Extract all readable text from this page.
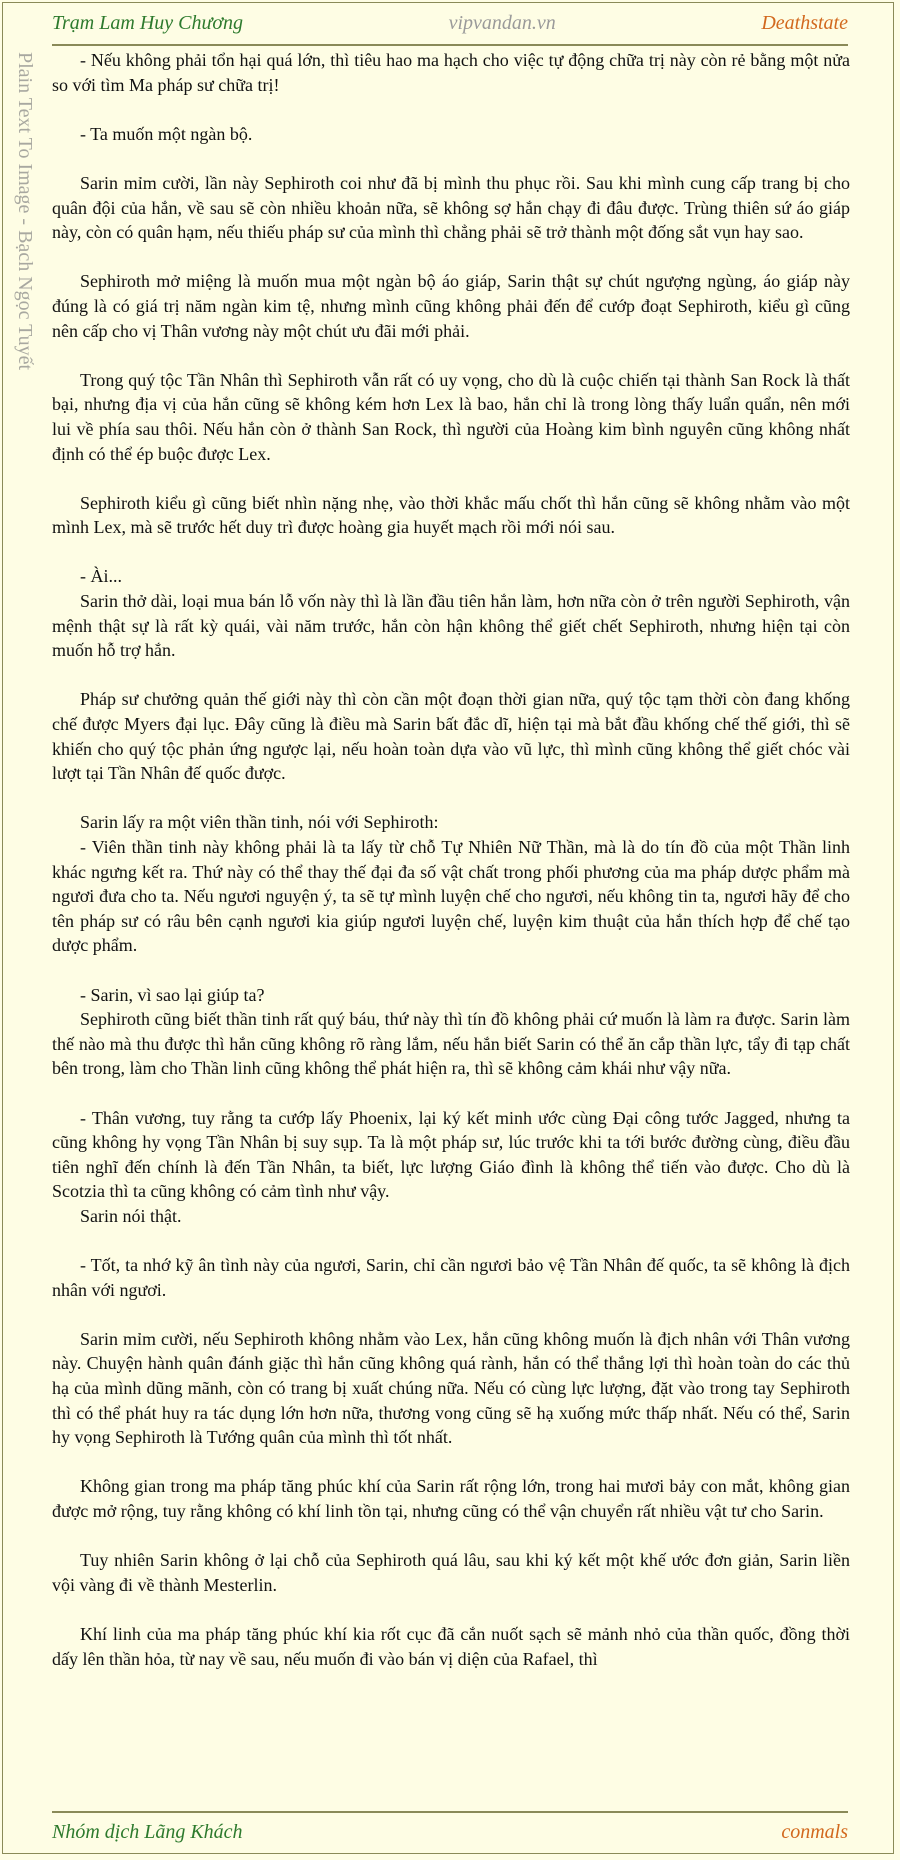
Trạm Lam Huy Chương	vipvandan.vn	Deathstate
Plain Text To Image - Bạch Ngọc Tuyết	- Nếu không phải tổn hại quá lớn, thì tiêu hao ma hạch cho việc tự động chữa trị này còn rẻ bằng một nửa so với tìm Ma pháp sư chữa trị!

- Ta muốn một ngàn bộ.

Sarin mỉm cười, lần này Sephiroth coi như đã bị mình thu phục rồi. Sau khi mình cung cấp trang bị cho quân đội của hắn, về sau sẽ còn nhiều khoản nữa, sẽ không sợ hắn chạy đi đâu được. Trùng thiên sứ áo giáp này, còn có quân hạm, nếu thiếu pháp sư của mình thì chẳng phải sẽ trở thành một đống sắt vụn hay sao.

Sephiroth mở miệng là muốn mua một ngàn bộ áo giáp, Sarin thật sự chút ngượng ngùng, áo giáp này đúng là có giá trị năm ngàn kim tệ, nhưng mình cũng không phải đến để cướp đoạt Sephiroth, kiểu gì cũng nên cấp cho vị Thân vương này một chút ưu đãi mới phải.

Trong quý tộc Tần Nhân thì Sephiroth vẫn rất có uy vọng, cho dù là cuộc chiến tại thành San Rock là thất bại, nhưng địa vị của hắn cũng sẽ không kém hơn Lex là bao, hắn chỉ là trong lòng thấy luẩn quẩn, nên mới lui về phía sau thôi. Nếu hắn còn ở thành San Rock, thì người của Hoàng kim bình nguyên cũng không nhất định có thể ép buộc được Lex.

Sephiroth kiểu gì cũng biết nhìn nặng nhẹ, vào thời khắc mấu chốt thì hắn cũng sẽ không nhằm vào một mình Lex, mà sẽ trước hết duy trì được hoàng gia huyết mạch rồi mới nói sau.

- Ài...

Sarin thở dài, loại mua bán lỗ vốn này thì là lần đầu tiên hắn làm, hơn nữa còn ở trên người Sephiroth, vận mệnh thật sự là rất kỳ quái, vài năm trước, hắn còn hận không thể giết chết Sephiroth, nhưng hiện tại còn muốn hỗ trợ hắn.

Pháp sư chưởng quản thế giới này thì còn cần một đoạn thời gian nữa, quý tộc tạm thời còn đang khống chế được Myers đại lục. Đây cũng là điều mà Sarin bất đắc dĩ, hiện tại mà bắt đầu khống chế thế giới, thì sẽ khiến cho quý tộc phản ứng ngược lại, nếu hoàn toàn dựa vào vũ lực, thì mình cũng không thể giết chóc vài lượt tại Tần Nhân đế quốc được.

Sarin lấy ra một viên thần tinh, nói với Sephiroth:

- Viên thần tinh này không phải là ta lấy từ chỗ Tự Nhiên Nữ Thần, mà là do tín đồ của một Thần linh khác ngưng kết ra. Thứ này có thể thay thế đại đa số vật chất trong phối phương của ma pháp dược phẩm mà ngươi đưa cho ta. Nếu ngươi nguyện ý, ta sẽ tự mình luyện chế cho ngươi, nếu không tin ta, ngươi hãy để cho tên pháp sư có râu bên cạnh ngươi kia giúp ngươi luyện chế, luyện kim thuật của hắn thích hợp để chế tạo dược phẩm.

- Sarin, vì sao lại giúp ta?

Sephiroth cũng biết thần tinh rất quý báu, thứ này thì tín đồ không phải cứ muốn là làm ra được. Sarin làm thế nào mà thu được thì hắn cũng không rõ ràng lắm, nếu hắn biết Sarin có thể ăn cắp thần lực, tẩy đi tạp chất bên trong, làm cho Thần linh cũng không thể phát hiện ra, thì sẽ không cảm khái như vậy nữa.

- Thân vương, tuy rằng ta cướp lấy Phoenix, lại ký kết minh ước cùng Đại công tước Jagged, nhưng ta cũng không hy vọng Tần Nhân bị suy sụp. Ta là một pháp sư, lúc trước khi ta tới bước đường cùng, điều đầu tiên nghĩ đến chính là đến Tần Nhân, ta biết, lực lượng Giáo đình là không thể tiến vào được. Cho dù là Scotzia thì ta cũng không có cảm tình như vậy.

Sarin nói thật.

- Tốt, ta nhớ kỹ ân tình này của ngươi, Sarin, chỉ cần ngươi bảo vệ Tần Nhân đế quốc, ta sẽ không là địch nhân với ngươi.

Sarin mỉm cười, nếu Sephiroth không nhằm vào Lex, hắn cũng không muốn là địch nhân với Thân vương này. Chuyện hành quân đánh giặc thì hắn cũng không quá rành, hắn có thể thắng lợi thì hoàn toàn do các thủ hạ của mình dũng mãnh, còn có trang bị xuất chúng nữa. Nếu có cùng lực lượng, đặt vào trong tay Sephiroth thì có thể phát huy ra tác dụng lớn hơn nữa, thương vong cũng sẽ hạ xuống mức thấp nhất. Nếu có thể, Sarin hy vọng Sephiroth là Tướng quân của mình thì tốt nhất.

Không gian trong ma pháp tăng phúc khí của Sarin rất rộng lớn, trong hai mươi bảy con mắt, không gian được mở rộng, tuy rằng không có khí linh tồn tại, nhưng cũng có thể vận chuyển rất nhiều vật tư cho Sarin.

Tuy nhiên Sarin không ở lại chỗ của Sephiroth quá lâu, sau khi ký kết một khế ước đơn giản, Sarin liền vội vàng đi về thành Mesterlin.

Khí linh của ma pháp tăng phúc khí kia rốt cục đã cắn nuốt sạch sẽ mảnh nhỏ của thần quốc, đồng thời dấy lên thần hỏa, từ nay về sau, nếu muốn đi vào bán vị diện của Rafael, thì

Nhóm dịch Lãng Khách	conmals
